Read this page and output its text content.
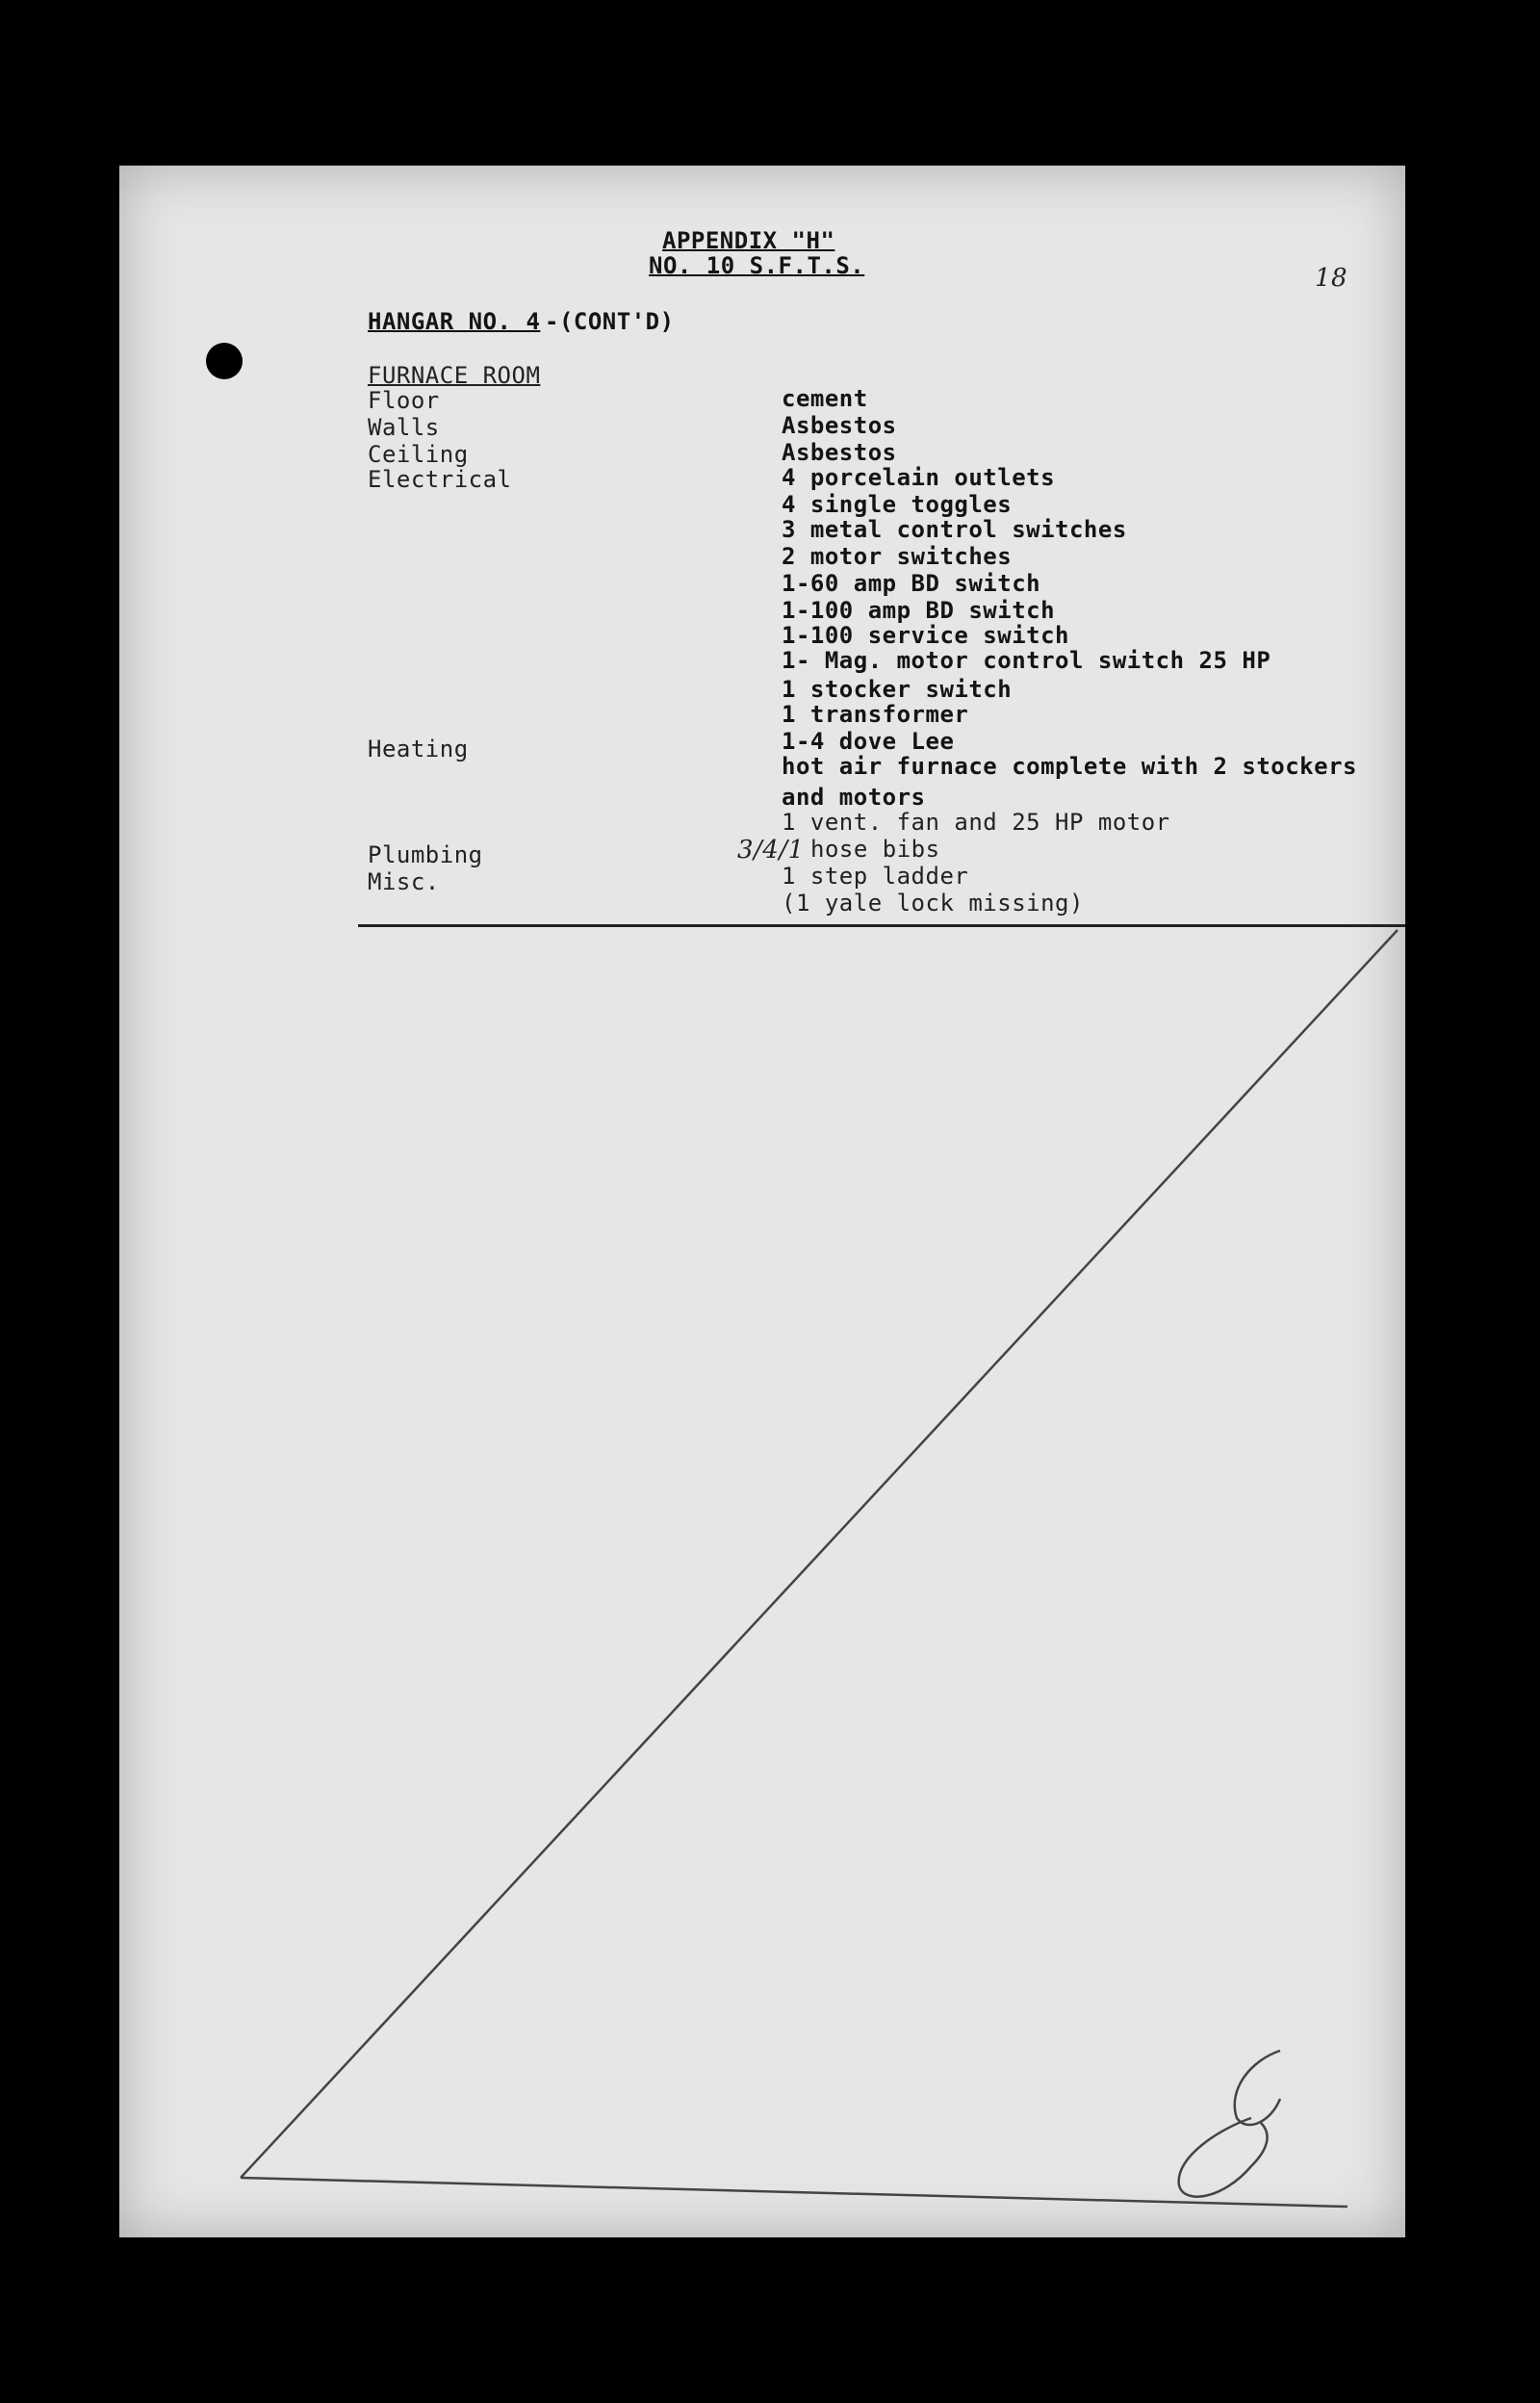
APPENDIX "H"
NO. 10 S.F.T.S.	18
HANGAR NO. 4 -(CONT'D)
FURNACE ROOM
Floor
Walls
Ceiling
Electrical
Heating
Plumbing
Misc.
cement
Asbestos
Asbestos
4 porcelain outlets
4 single toggles
3 metal control switches
2 motor switches
1-60 amp BD switch
1-100 amp BD switch
1-100 service switch
1- Mag. motor control switch 25 HP
1 stocker switch
1 transformer
1-4 dove Lee
hot air furnace complete with 2 stockers
and motors
1 vent. fan and 25 HP motor
3/4/1 hose bibs
1 step ladder
(1 yale lock missing)
